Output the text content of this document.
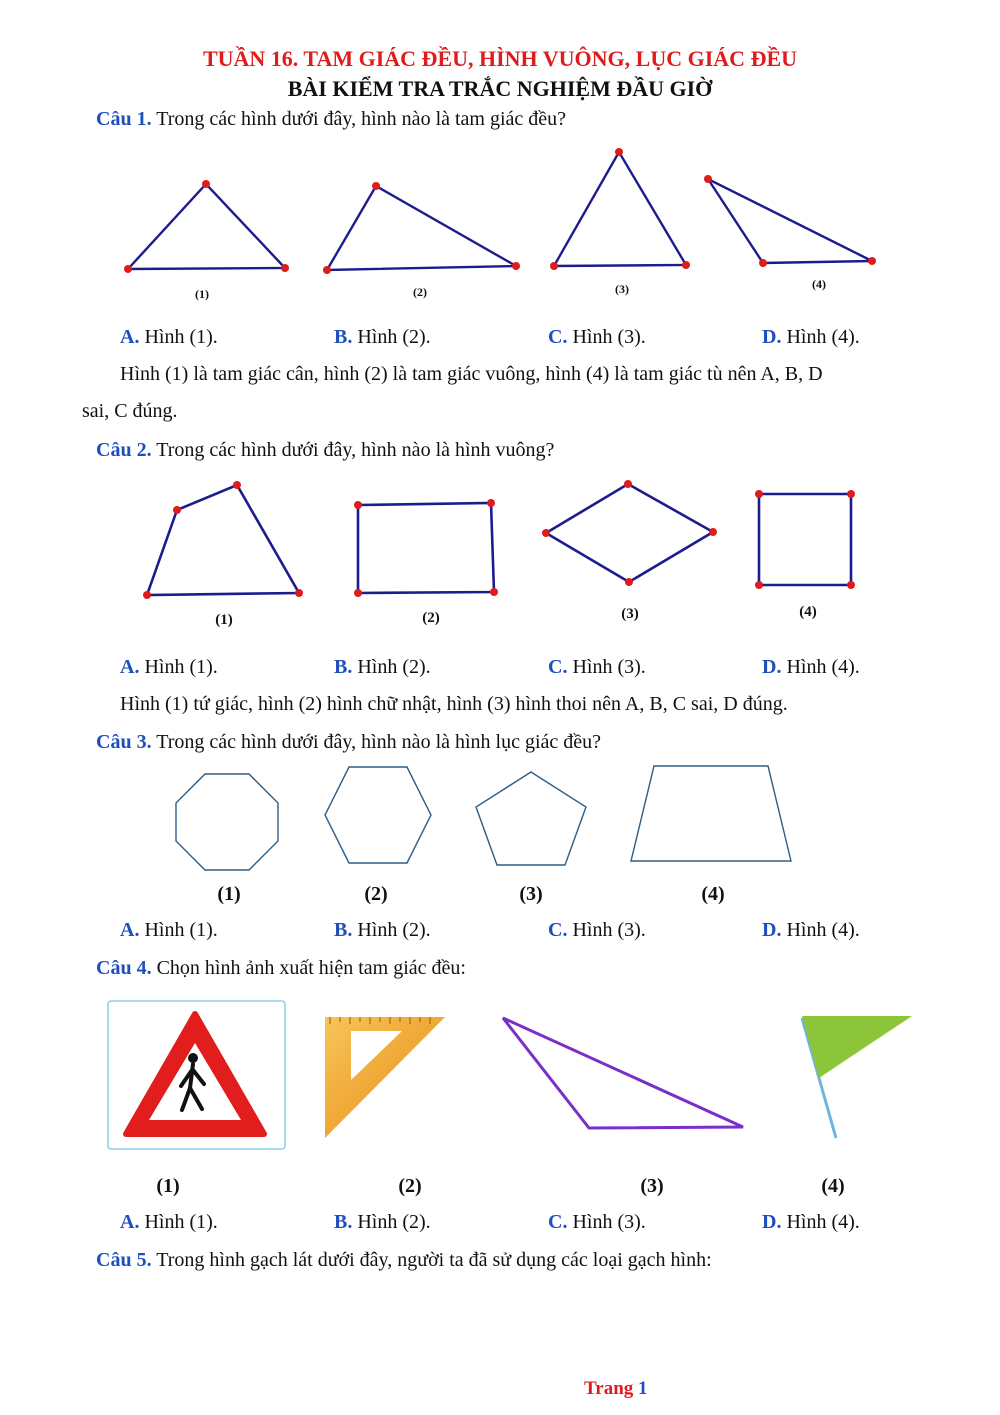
TUẦN 16. TAM GIÁC ĐỀU, HÌNH VUÔNG, LỤC GIÁC ĐỀU
BÀI KIỂM TRA TRẮC NGHIỆM ĐẦU GIỜ
Câu 1. Trong các hình dưới đây, hình nào là tam giác đều?
(1)	(2)	(3)	(4)
(1)	(2)	(3)	(4)
(1)	(2)	(3)	(4)
(1)	(2)	(3)	(4)
A. Hình (1).	B. Hình (2).	C. Hình (3).	D. Hình (4).
Hình (1) là tam giác cân, hình (2) là tam giác vuông, hình (4) là tam giác tù nên A, B, D
sai, C đúng.
Câu 2. Trong các hình dưới đây, hình nào là hình vuông?
A. Hình (1).	B. Hình (2).	C. Hình (3).	D. Hình (4).
Hình (1) tứ giác, hình (2) hình chữ nhật, hình (3) hình thoi nên A, B, C sai, D đúng.
Câu 3. Trong các hình dưới đây, hình nào là hình lục giác đều?
A. Hình (1).	B. Hình (2).	C. Hình (3).	D. Hình (4).
Câu 4. Chọn hình ảnh xuất hiện tam giác đều:
A. Hình (1).	B. Hình (2).	C. Hình (3).	D. Hình (4).
Câu 5. Trong hình gạch lát dưới đây, người ta đã sử dụng các loại gạch hình:
Trang 1
